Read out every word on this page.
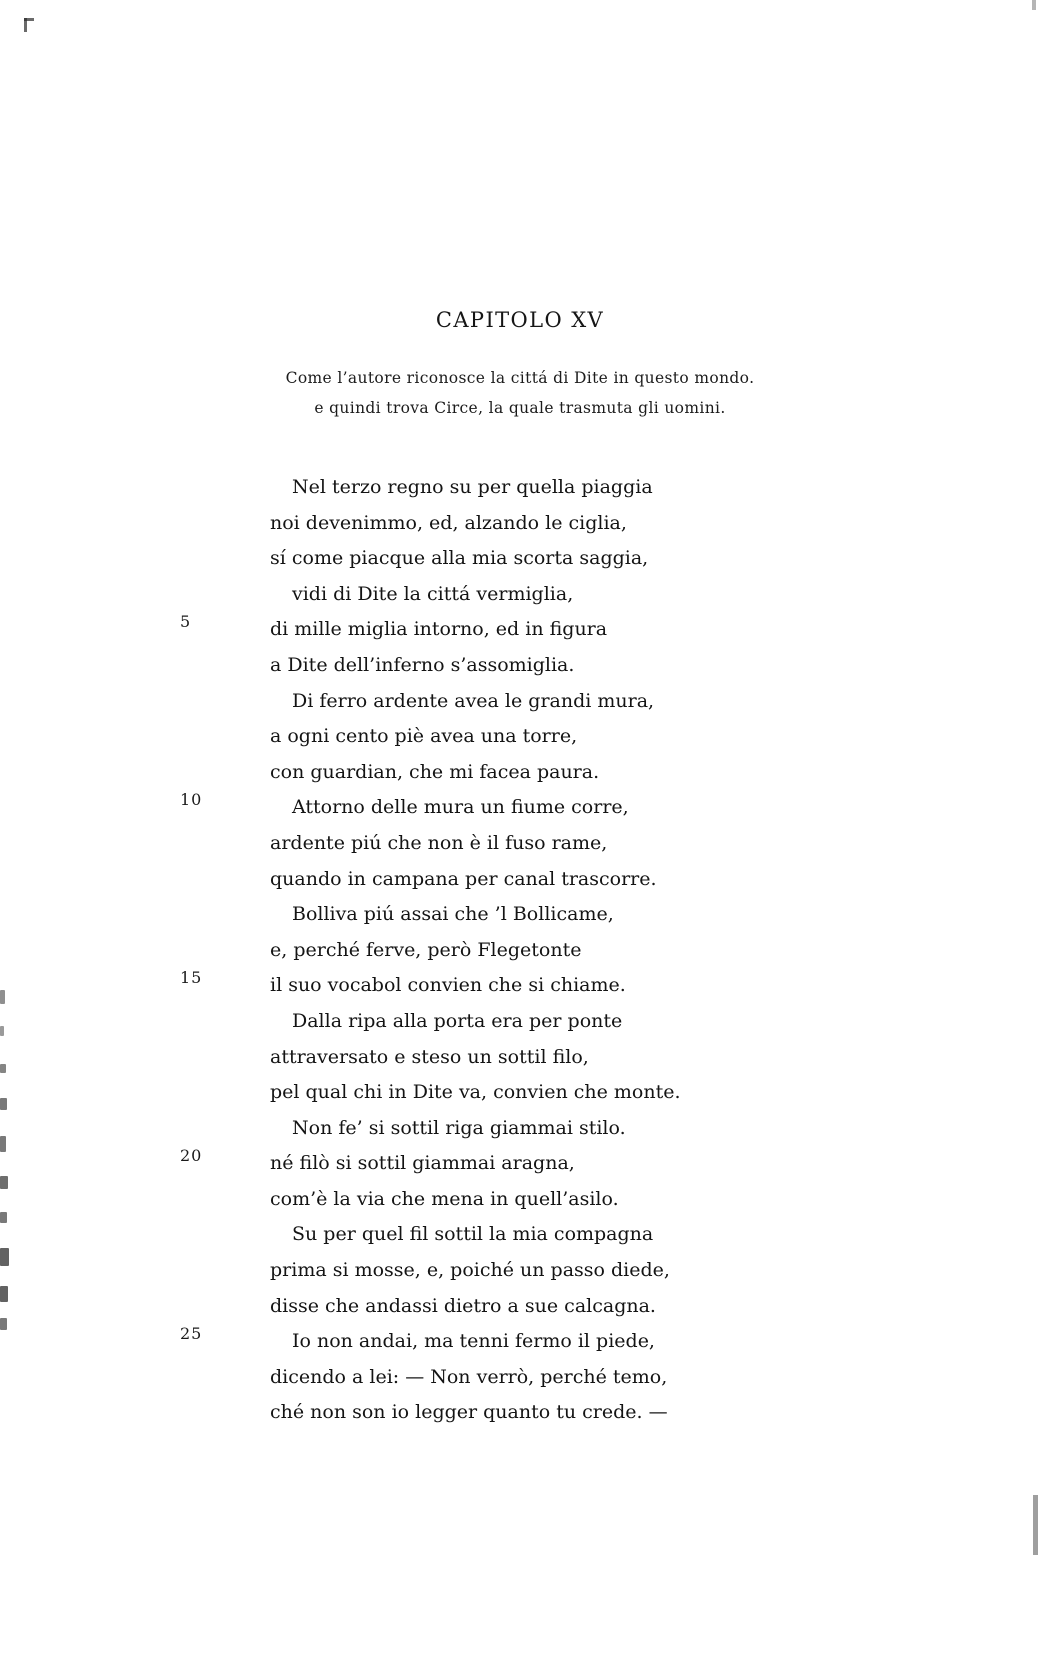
CAPITOLO XV
Come l’autore riconosce la cittá di Dite in questo mondo.
e quindi trova Circe, la quale trasmuta gli uomini.
Nel terzo regno su per quella piaggia
noi devenimmo, ed, alzando le ciglia,
sí come piacque alla mia scorta saggia,
vidi di Dite la cittá vermiglia,
5	di mille miglia intorno, ed in figura
a Dite dell’inferno s’assomiglia.
Di ferro ardente avea le grandi mura,
a ogni cento piè avea una torre,
con guardian, che mi facea paura.
10	Attorno delle mura un fiume corre,
ardente piú che non è il fuso rame,
quando in campana per canal trascorre.
Bolliva piú assai che ’l Bollicame,
e, perché ferve, però Flegetonte
15	il suo vocabol convien che si chiame.
Dalla ripa alla porta era per ponte
attraversato e steso un sottil filo,
pel qual chi in Dite va, convien che monte.
Non fe’ si sottil riga giammai stilo.
20	né filò si sottil giammai aragna,
com’è la via che mena in quell’asilo.
Su per quel fil sottil la mia compagna
prima si mosse, e, poiché un passo diede,
disse che andassi dietro a sue calcagna.
25	Io non andai, ma tenni fermo il piede,
dicendo a lei: — Non verrò, perché temo,
ché non son io legger quanto tu crede. —
